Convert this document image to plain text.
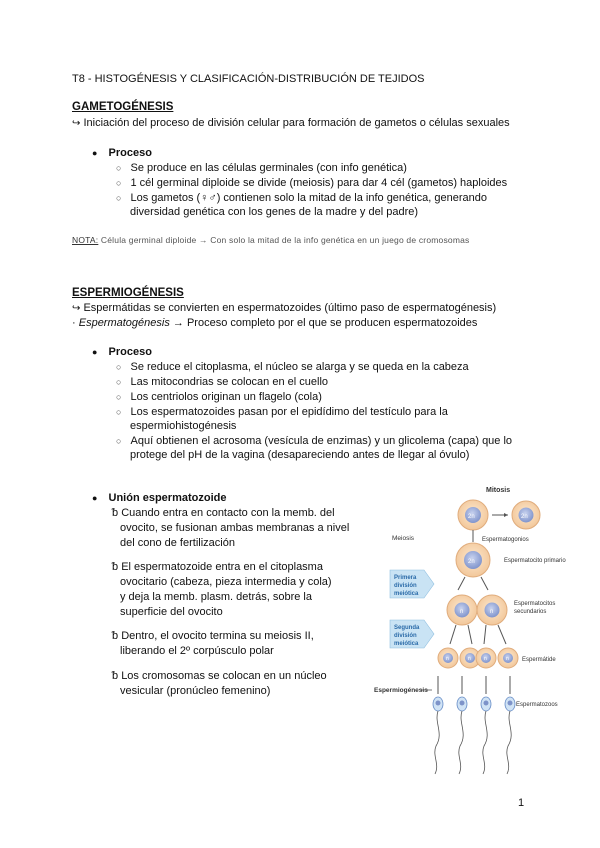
T8 - HISTOGÉNESIS Y CLASIFICACIÓN-DISTRIBUCIÓN DE TEJIDOS
GAMETOGÉNESIS
↪ Iniciación del proceso de división celular para formación de gametos o células sexuales
● Proceso
○ Se produce en las células germinales (con info genética)
○ 1 cél germinal diploide se divide (meiosis) para dar 4 cél (gametos) haploides
○ Los gametos (♀♂) contienen solo la mitad de la info genética, generando
diversidad genética con los genes de la madre y del padre)
NOTA: Célula germinal diploide → Con solo la mitad de la info genética en un juego de cromosomas
ESPERMIOGÉNESIS
↪ Espermátidas se convierten en espermatozoides (último paso de espermatogénesis)
· Espermatogénesis → Proceso completo por el que se producen espermatozoides
● Proceso
○ Se reduce el citoplasma, el núcleo se alarga y se queda en la cabeza
○ Las mitocondrias se colocan en el cuello
○ Los centriolos originan un flagelo (cola)
○ Los espermatozoides pasan por el epidídimo del testículo para la
espermiohistogénesis
○ Aquí obtienen el acrosoma (vesícula de enzimas) y un glicolema (capa) que lo
protege del pH de la vagina (desapareciendo antes de llegar al óvulo)
● Unión espermatozoide
ᵬ Cuando entra en contacto con la memb. del
ovocito, se fusionan ambas membranas a nivel
del cono de fertilización
ᵬ El espermatozoide entra en el citoplasma
ovocitario (cabeza, pieza intermedia y cola)
y deja la memb. plasm. detrás, sobre la
superficie del ovocito
ᵬ Dentro, el ovocito termina su meiosis II,
liberando el 2º corpúsculo polar
ᵬ Los cromosomas se colocan en un núcleo
vesicular (pronúcleo femenino)
Mitosis
2n	2n
Meiosis	Espermatogonios
2n	Espermatocito primario
Primera
división
meiótica
n	n
Espermatocitos
secundarios
Segunda
división
meiótica
n	n	n	n Espermátide
Espermiogénesis
Espermatozoos
1
